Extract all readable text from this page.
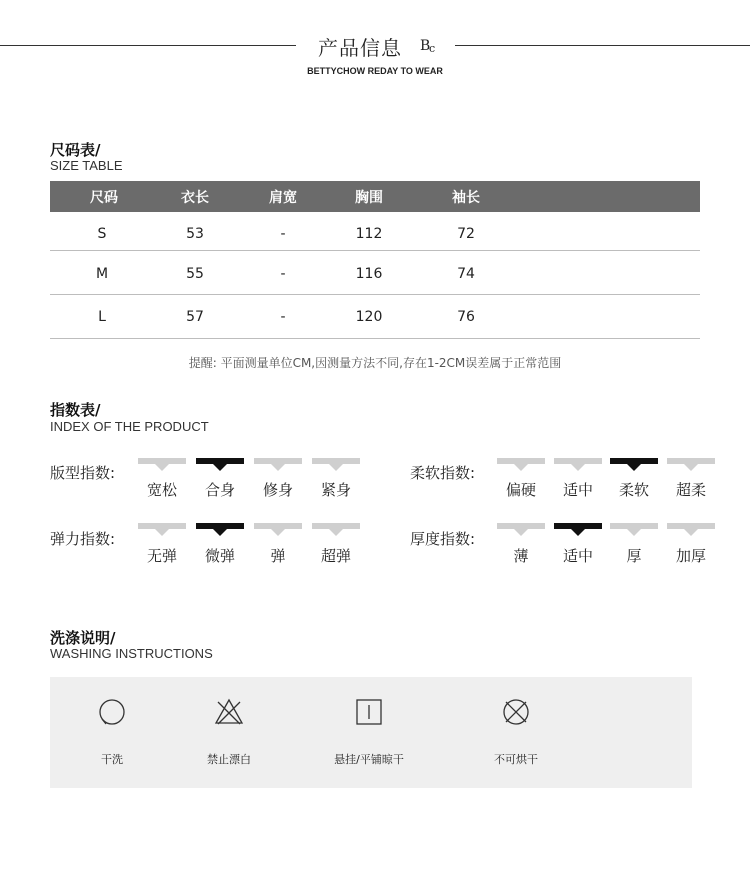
产品信息 B
c
BETTYCHOW REDAY TO WEAR
尺码表/
SIZE TABLE
尺码	衣长	肩宽	胸围	袖长
S	53	-	112	72
M	55	-	116	74
L	57	-	120	76
提醒: 平面测量单位CM,因测量方法不同,存在1-2CM误差属于正常范围
指数表/
INDEX OF THE PRODUCT
版型指数:
宽松	合身	修身	紧身
柔软指数:
偏硬	适中	柔软	超柔
弹力指数:
无弹	微弹	弹	超弹
厚度指数:
薄	适中	厚	加厚
洗涤说明/
WASHING INSTRUCTIONS
干洗	禁止漂白	悬挂/平铺晾干	不可烘干
